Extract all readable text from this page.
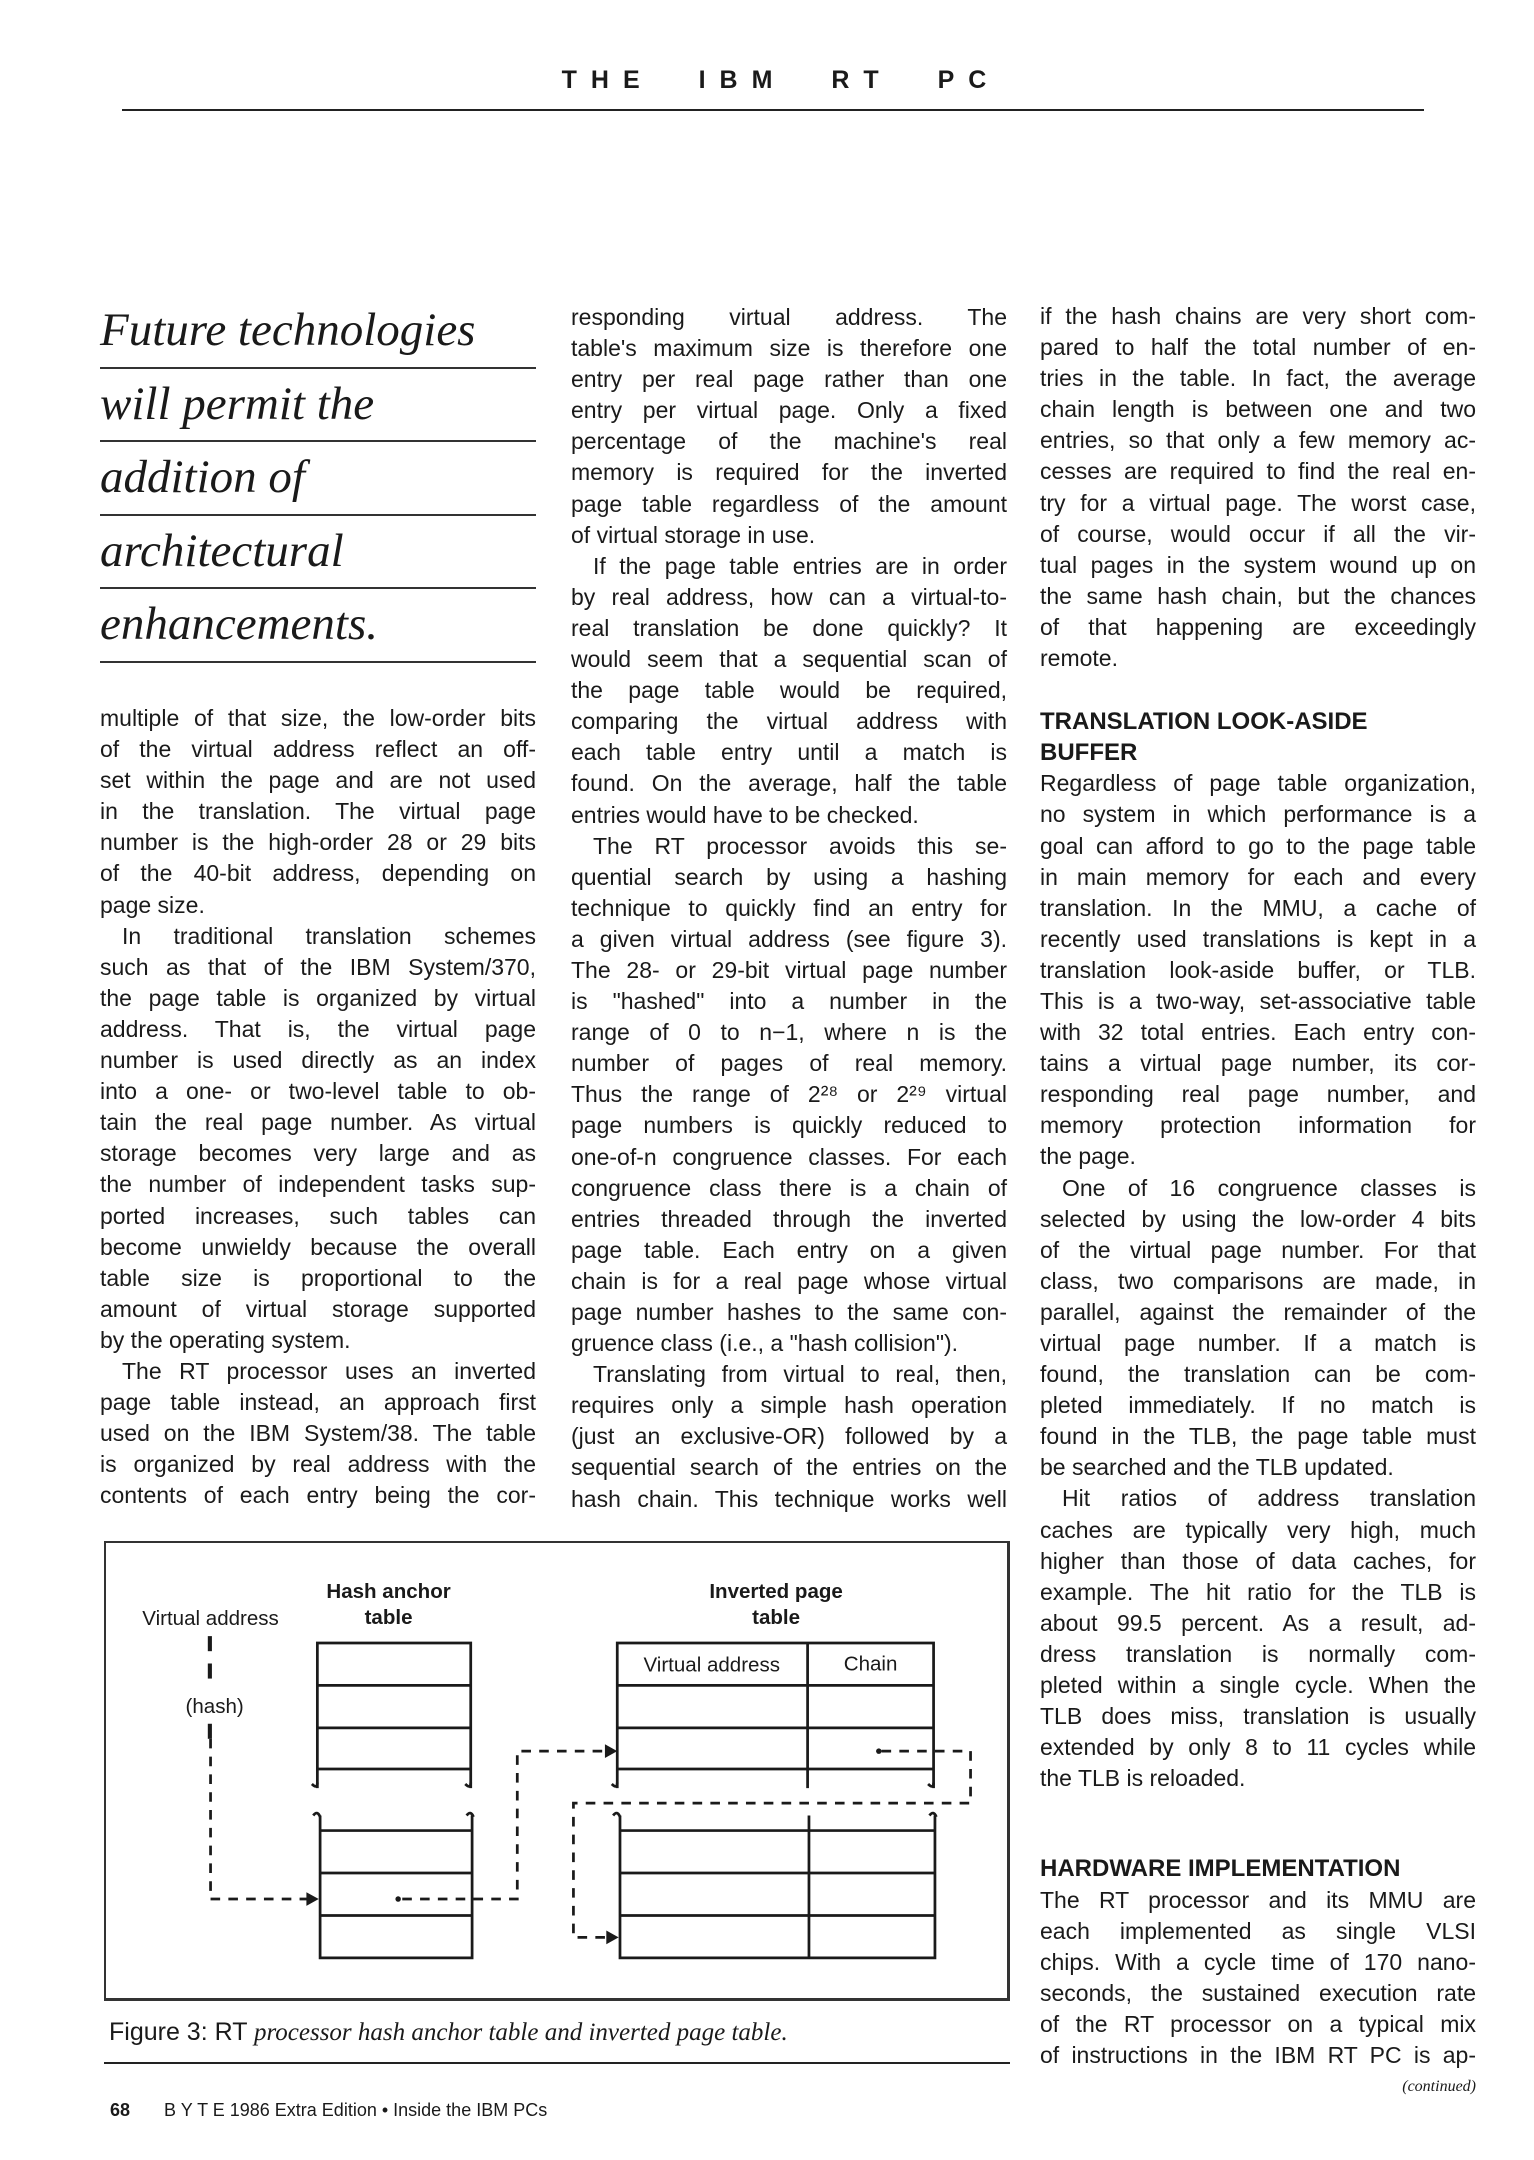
THE IBM RT PC
Future technologies
will permit the
addition of
architectural
enhancements.
multiple of that size, the low-order bits
of the virtual address reflect an off-
set within the page and are not used
in the translation. The virtual page
number is the high-order 28 or 29 bits
of the 40-bit address, depending on
page size.
In traditional translation schemes
such as that of the IBM System/370,
the page table is organized by virtual
address. That is, the virtual page
number is used directly as an index
into a one- or two-level table to ob-
tain the real page number. As virtual
storage becomes very large and as
the number of independent tasks sup-
ported increases, such tables can
become unwieldy because the overall
table size is proportional to the
amount of virtual storage supported
by the operating system.
The RT processor uses an inverted
page table instead, an approach first
used on the IBM System/38. The table
is organized by real address with the
contents of each entry being the cor-
responding virtual address. The
table's maximum size is therefore one
entry per real page rather than one
entry per virtual page. Only a fixed
percentage of the machine's real
memory is required for the inverted
page table regardless of the amount
of virtual storage in use.
If the page table entries are in order
by real address, how can a virtual-to-
real translation be done quickly? It
would seem that a sequential scan of
the page table would be required,
comparing the virtual address with
each table entry until a match is
found. On the average, half the table
entries would have to be checked.
The RT processor avoids this se-
quential search by using a hashing
technique to quickly find an entry for
a given virtual address (see figure 3).
The 28- or 29-bit virtual page number
is "hashed" into a number in the
range of 0 to n−1, where n is the
number of pages of real memory.
Thus the range of 2²⁸ or 2²⁹ virtual
page numbers is quickly reduced to
one-of-n congruence classes. For each
congruence class there is a chain of
entries threaded through the inverted
page table. Each entry on a given
chain is for a real page whose virtual
page number hashes to the same con-
gruence class (i.e., a "hash collision").
Translating from virtual to real, then,
requires only a simple hash operation
(just an exclusive-OR) followed by a
sequential search of the entries on the
hash chain. This technique works well
if the hash chains are very short com-
pared to half the total number of en-
tries in the table. In fact, the average
chain length is between one and two
entries, so that only a few memory ac-
cesses are required to find the real en-
try for a virtual page. The worst case,
of course, would occur if all the vir-
tual pages in the system wound up on
the same hash chain, but the chances
of that happening are exceedingly
remote.
TRANSLATION LOOK-ASIDE
BUFFER
Regardless of page table organization,
no system in which performance is a
goal can afford to go to the page table
in main memory for each and every
translation. In the MMU, a cache of
recently used translations is kept in a
translation look-aside buffer, or TLB.
This is a two-way, set-associative table
with 32 total entries. Each entry con-
tains a virtual page number, its cor-
responding real page number, and
memory protection information for
the page.
One of 16 congruence classes is
selected by using the low-order 4 bits
of the virtual page number. For that
class, two comparisons are made, in
parallel, against the remainder of the
virtual page number. If a match is
found, the translation can be com-
pleted immediately. If no match is
found in the TLB, the page table must
be searched and the TLB updated.
Hit ratios of address translation
caches are typically very high, much
higher than those of data caches, for
example. The hit ratio for the TLB is
about 99.5 percent. As a result, ad-
dress translation is normally com-
pleted within a single cycle. When the
TLB does miss, translation is usually
extended by only 8 to 11 cycles while
the TLB is reloaded.
HARDWARE IMPLEMENTATION
The RT processor and its MMU are
each implemented as single VLSI
chips. With a cycle time of 170 nano-
seconds, the sustained execution rate
of the RT processor on a typical mix
of instructions in the IBM RT PC is ap-
(continued)
Virtual address
(hash)
Hash anchor
table
Inverted page
table
Virtual address	Chain
Figure 3: RT processor hash anchor table and inverted page table.
68 B Y T E 1986 Extra Edition • Inside the IBM PCs
